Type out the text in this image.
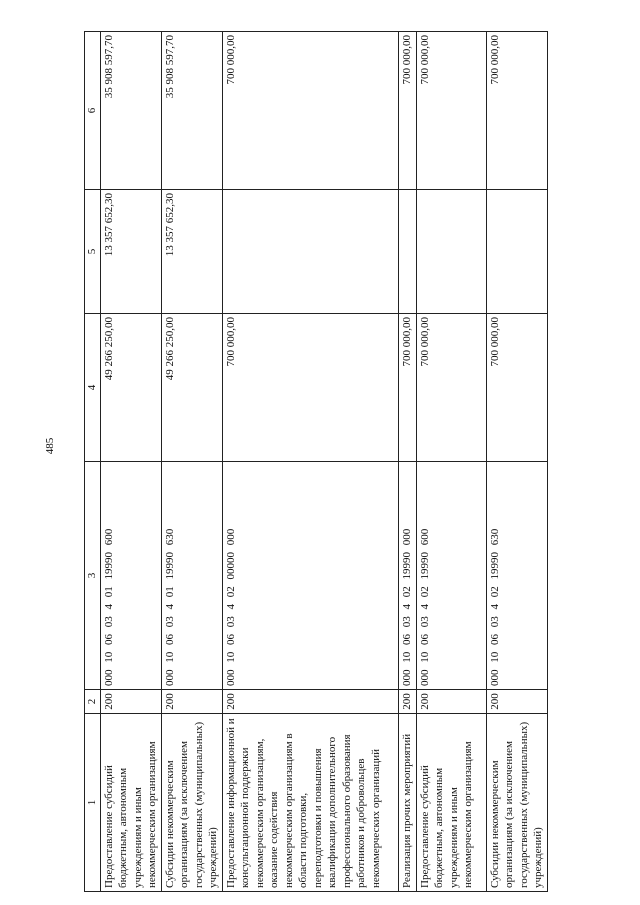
485
1	2	3	4	5	6
Предоставление субсидий бюджетным, автономным учреждениям и иным некоммерческим организациям	200	000 10 06 03 4 01 19990 600	49 266 250,00	13 357 652,30	35 908 597,70
Субсидии некоммерческим организациям (за исключением государственных (муниципальных) учреждений)	200	000 10 06 03 4 01 19990 630	49 266 250,00	13 357 652,30	35 908 597,70
Предоставление информационной и консультационной поддержки некоммерческим организациям, оказание содействия некоммерческим организациям в области подготовки, переподготовки и повышения квалификации дополнительного профессионального образования работников и добровольцев некоммерческих организаций	200	000 10 06 03 4 02 00000 000	700 000,00		700 000,00
Реализация прочих мероприятий	200	000 10 06 03 4 02 19990 000	700 000,00		700 000,00
Предоставление субсидий бюджетным, автономным учреждениям и иным некоммерческим организациям	200	000 10 06 03 4 02 19990 600	700 000,00		700 000,00
Субсидии некоммерческим организациям (за исключением государственных (муниципальных) учреждений)	200	000 10 06 03 4 02 19990 630	700 000,00		700 000,00
